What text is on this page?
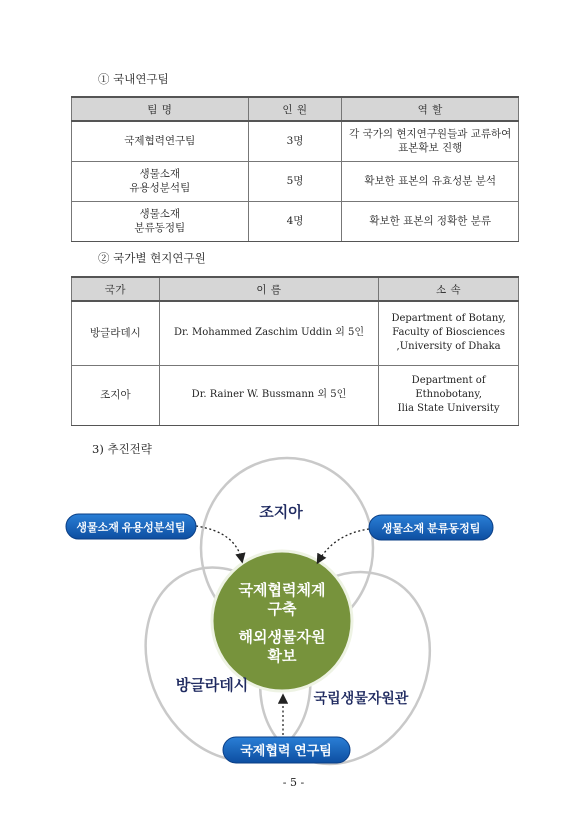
① 국내연구팀
팀 명	인 원	역 할
국제협력연구팀	3명	각 국가의 현지연구원들과 교류하여
표본확보 진행
생물소재
유용성분석팀	5명	확보한 표본의 유효성분 분석
생물소재
분류동정팀	4명	확보한 표본의 정확한 분류
② 국가별 현지연구원
국가	이 름	소 속
방글라데시	Dr. Mohammed Zaschim Uddin 외 5인	Department of Botany,
Faculty of Biosciences
,University of Dhaka
조지아	Dr. Rainer W. Bussmann 외 5인	Department of
Ethnobotany,
Ilia State University
3) 추진전략
국제협력체계
구축
해외생물자원
확보
조지아
방글라데시
국립생물자원관
생물소재 유용성분석팀	생물소재 분류동정팀
국제협력 연구팀
- 5 -
